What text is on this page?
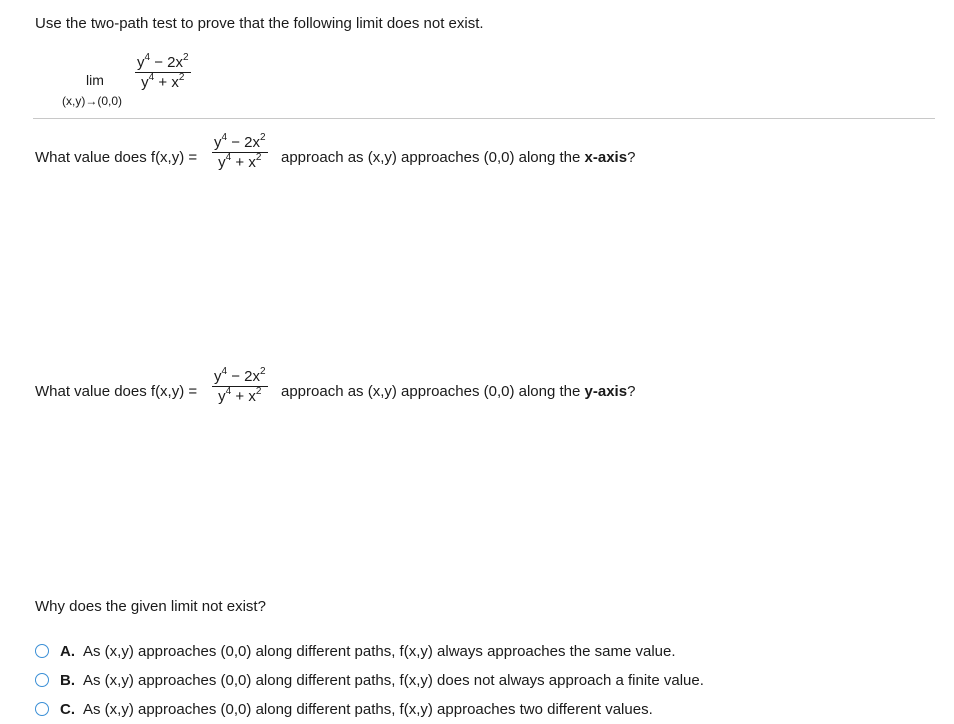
Use the two-path test to prove that the following limit does not exist.
lim
(x,y)→(0,0)
$y^4 - 2x^2$
$y^4 + x^2$
What value does f(x,y) =
$y^4 - 2x^2$
$y^4 + x^2$	approach as (x,y) approaches (0,0) along the x-axis?
What value does f(x,y) =
$y^4 - 2x^2$
$y^4 + x^2$	approach as (x,y) approaches (0,0) along the y-axis?
Why does the given limit not exist?
A. As (x,y) approaches (0,0) along different paths, f(x,y) always approaches the same value.
B. As (x,y) approaches (0,0) along different paths, f(x,y) does not always approach a finite value.
C. As (x,y) approaches (0,0) along different paths, f(x,y) approaches two different values.
